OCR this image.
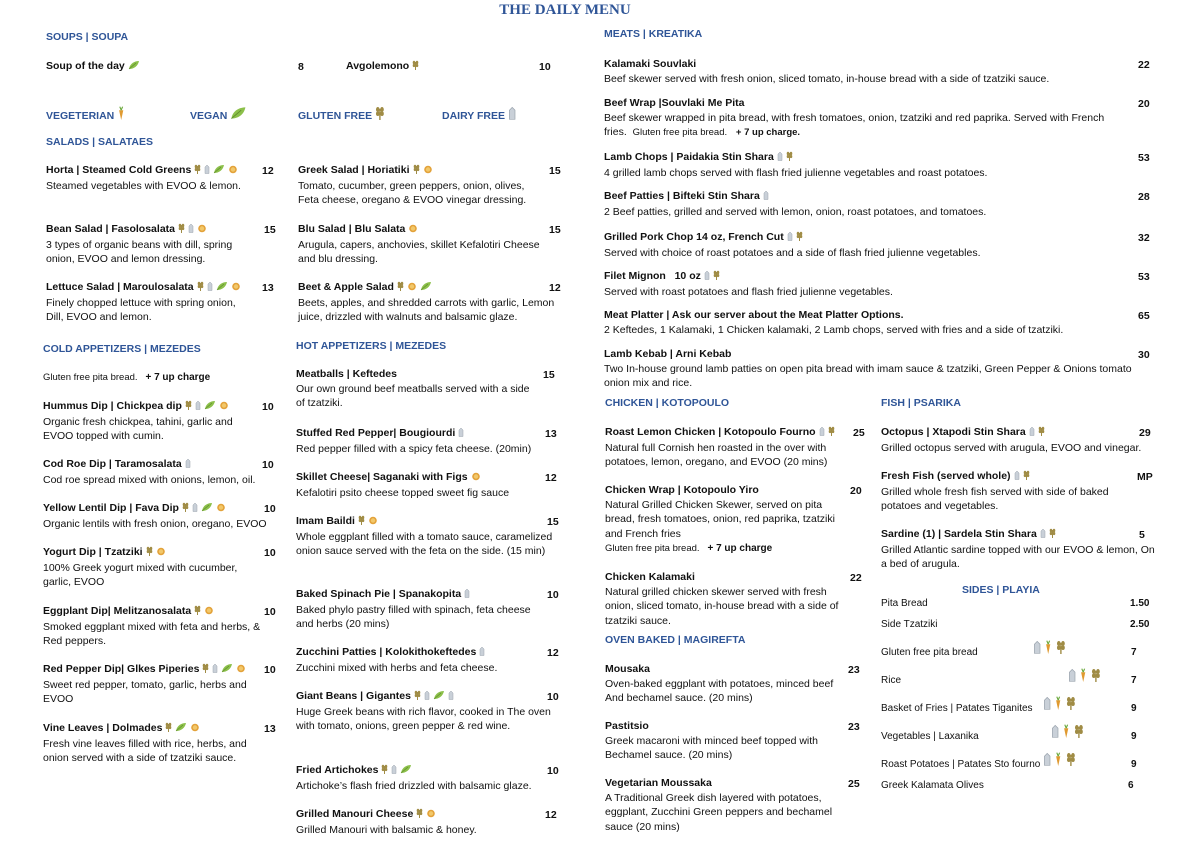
THE DAILY MENU
SOUPS | SOUPA
Soup of the day	8	Avgolemono	10
VEGETERIAN	VEGAN	GLUTEN FREE	DAIRY FREE
SALADS | SALATAES
Horta | Steamed Cold Greens
Steamed vegetables with EVOO & lemon.
12
Bean Salad | Fasolosalata
3 types of organic beans with dill, spring onion, EVOO and lemon dressing.
15
Lettuce Salad | Maroulosalata
Finely chopped lettuce with spring onion, Dill, EVOO and lemon.
13
COLD APPETIZERS | MEZEDES
Gluten free pita bread. + 7 up charge
Hummus Dip | Chickpea dip
Organic fresh chickpea, tahini, garlic and EVOO topped with cumin.
10
Cod Roe Dip | Taramosalata
Cod roe spread mixed with onions, lemon, oil.
10
Yellow Lentil Dip | Fava Dip
Organic lentils with fresh onion, oregano, EVOO
10
Yogurt Dip | Tzatziki
100% Greek yogurt mixed with cucumber, garlic, EVOO
10
Eggplant Dip| Melitzanosalata
Smoked eggplant mixed with feta and herbs, & Red peppers.
10
Red Pepper Dip| Glkes Piperies
Sweet red pepper, tomato, garlic, herbs and EVOO
10
Vine Leaves | Dolmades
Fresh vine leaves filled with rice, herbs, and onion served with a side of tzatziki sauce.
13
Greek Salad | Horiatiki
Tomato, cucumber, green peppers, onion, olives, Feta cheese, oregano & EVOO vinegar dressing.
15
Blu Salad | Blu Salata
Arugula, capers, anchovies, skillet Kefalotiri Cheese and blu dressing.
15
Beet & Apple Salad
Beets, apples, and shredded carrots with garlic, Lemon juice, drizzled with walnuts and balsamic glaze.
12
HOT APPETIZERS | MEZEDES
Meatballs | Keftedes
Our own ground beef meatballs served with a side of tzatziki.
15
Stuffed Red Pepper| Bougiourdi
Red pepper filled with a spicy feta cheese. (20min)
13
Skillet Cheese| Saganaki with Figs
Kefalotiri psito cheese topped sweet fig sauce
12
Imam Baildi
Whole eggplant filled with a tomato sauce, caramelized onion sauce served with the feta on the side. (15 min)
15
Baked Spinach Pie | Spanakopita
Baked phylo pastry filled with spinach, feta cheese and herbs (20 mins)
10
Zucchini Patties | Kolokithokeftedes
Zucchini mixed with herbs and feta cheese.
12
Giant Beans | Gigantes
Huge Greek beans with rich flavor, cooked in The oven with tomato, onions, green pepper & red wine.
10
Fried Artichokes
Artichoke’s flash fried drizzled with balsamic glaze.
10
Grilled Manouri Cheese
Grilled Manouri with balsamic & honey.
12
MEATS | KREATIKA
Kalamaki Souvlaki
Beef skewer served with fresh onion, sliced tomato, in-house bread with a side of tzatziki sauce.
22
Beef Wrap |Souvlaki Me Pita
Beef skewer wrapped in pita bread, with fresh tomatoes, onion, tzatziki and red paprika. Served with French fries. Gluten free pita bread. + 7 up charge.
20
Lamb Chops | Paidakia Stin Shara
4 grilled lamb chops served with flash fried julienne vegetables and roast potatoes.
53
Beef Patties | Bifteki Stin Shara
2 Beef patties, grilled and served with lemon, onion, roast potatoes, and tomatoes.
28
Grilled Pork Chop 14 oz, French Cut
Served with choice of roast potatoes and a side of flash fried julienne vegetables.
32
Filet Mignon 10 oz
Served with roast potatoes and flash fried julienne vegetables.
53
Meat Platter | Ask our server about the Meat Platter Options.
2 Keftedes, 1 Kalamaki, 1 Chicken kalamaki, 2 Lamb chops, served with fries and a side of tzatziki.
65
Lamb Kebab | Arni Kebab
Two In-house ground lamb patties on open pita bread with imam sauce & tzatziki, Green Pepper & Onions tomato onion mix and rice.
30
CHICKEN | KOTOPOULO
Roast Lemon Chicken | Kotopoulo Fourno
Natural full Cornish hen roasted in the over with potatoes, lemon, oregano, and EVOO (20 mins)
25
Chicken Wrap | Kotopoulo Yiro
Natural Grilled Chicken Skewer, served on pita bread, fresh tomatoes, onion, red paprika, tzatziki and French fries
Gluten free pita bread. + 7 up charge
20
Chicken Kalamaki
Natural grilled chicken skewer served with fresh onion, sliced tomato, in-house bread with a side of tzatziki sauce.
22
OVEN BAKED | MAGIREFTA
Mousaka
Oven-baked eggplant with potatoes, minced beef And bechamel sauce. (20 mins)
23
Pastitsio
Greek macaroni with minced beef topped with Bechamel sauce. (20 mins)
23
Vegetarian Moussaka
A Traditional Greek dish layered with potatoes, eggplant, Zucchini Green peppers and bechamel sauce (20 mins)
25
FISH | PSARIKA
Octopus | Xtapodi Stin Shara
Grilled octopus served with arugula, EVOO and vinegar.
29
Fresh Fish (served whole)
Grilled whole fresh fish served with side of baked potatoes and vegetables.
MP
Sardine (1) | Sardela Stin Shara
Grilled Atlantic sardine topped with our EVOO & lemon, On a bed of arugula.
5
SIDES | PLAYIA
Pita Bread	1.50
Side Tzatziki	2.50
Gluten free pita bread	7
Rice	7
Basket of Fries | Patates Tiganites	9
Vegetables | Laxanika	9
Roast Potatoes | Patates Sto fourno	9
Greek Kalamata Olives	6
